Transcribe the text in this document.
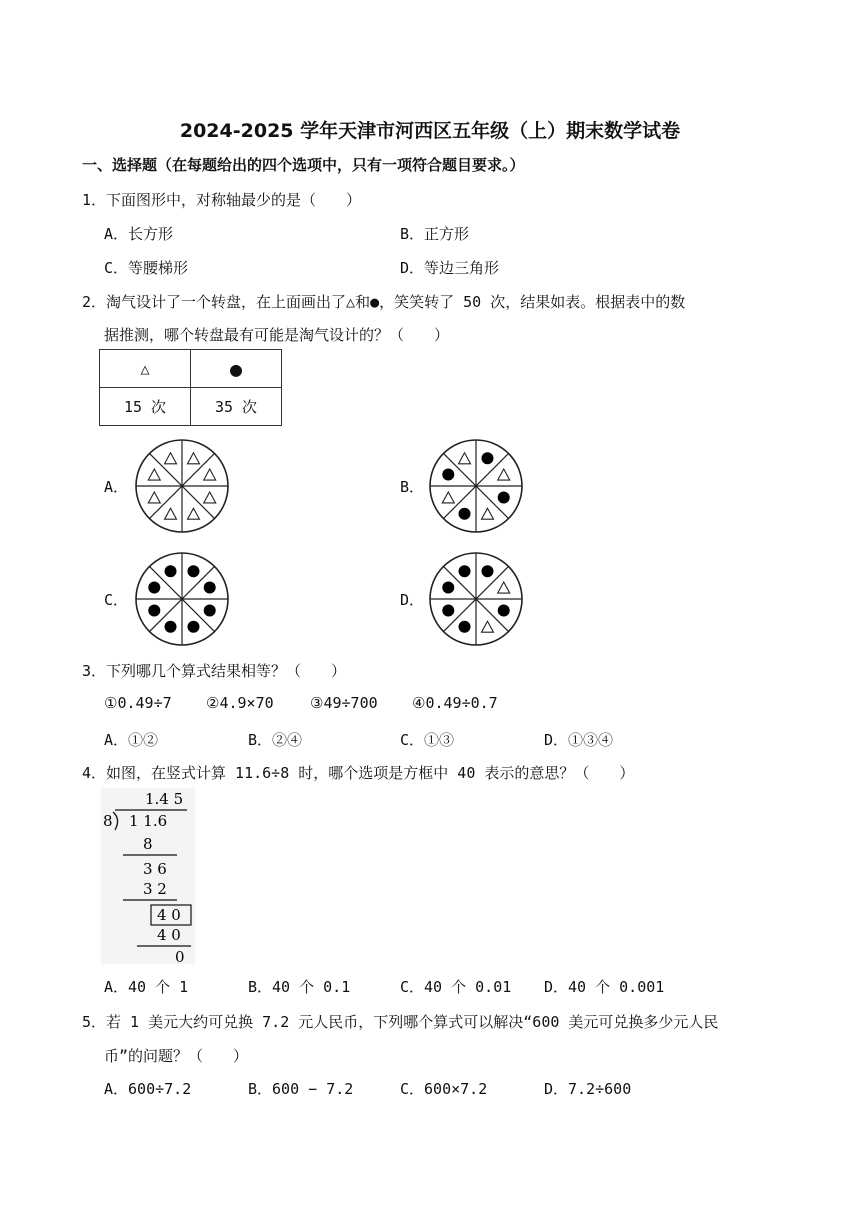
2024-2025 学年天津市河西区五年级（上）期末数学试卷
一、选择题（在每题给出的四个选项中，只有一项符合题目要求。）
1．下面图形中，对称轴最少的是（　　）
A．长方形	B．正方形
C．等腰梯形	D．等边三角形
2．淘气设计了一个转盘，在上面画出了△和●，笑笑转了 50 次，结果如表。根据表中的数
据推测，哪个转盘最有可能是淘气设计的？（　　）
△	●
15 次	35 次
A．	B．
C．	D．
3．下列哪几个算式结果相等？（　　）
①0.49÷7 ②4.9×70 ③49÷700 ④0.49÷0.7
A．①②	B．②④	C．①③	D．①③④
4．如图，在竖式计算 11.6÷8 时，哪个选项是方框中 40 表示的意思？（　　）
1.4 5
8 1 1.6
8
3 6
3 2
4 0
4 0
0
A．40 个 1	B．40 个 0.1	C．40 个 0.01 D．40 个 0.001
5．若 1 美元大约可兑换 7.2 元人民币，下列哪个算式可以解决“600 美元可兑换多少元人民
币”的问题？（　　）
A．600÷7.2	B．600 − 7.2	C．600×7.2	D．7.2÷600
